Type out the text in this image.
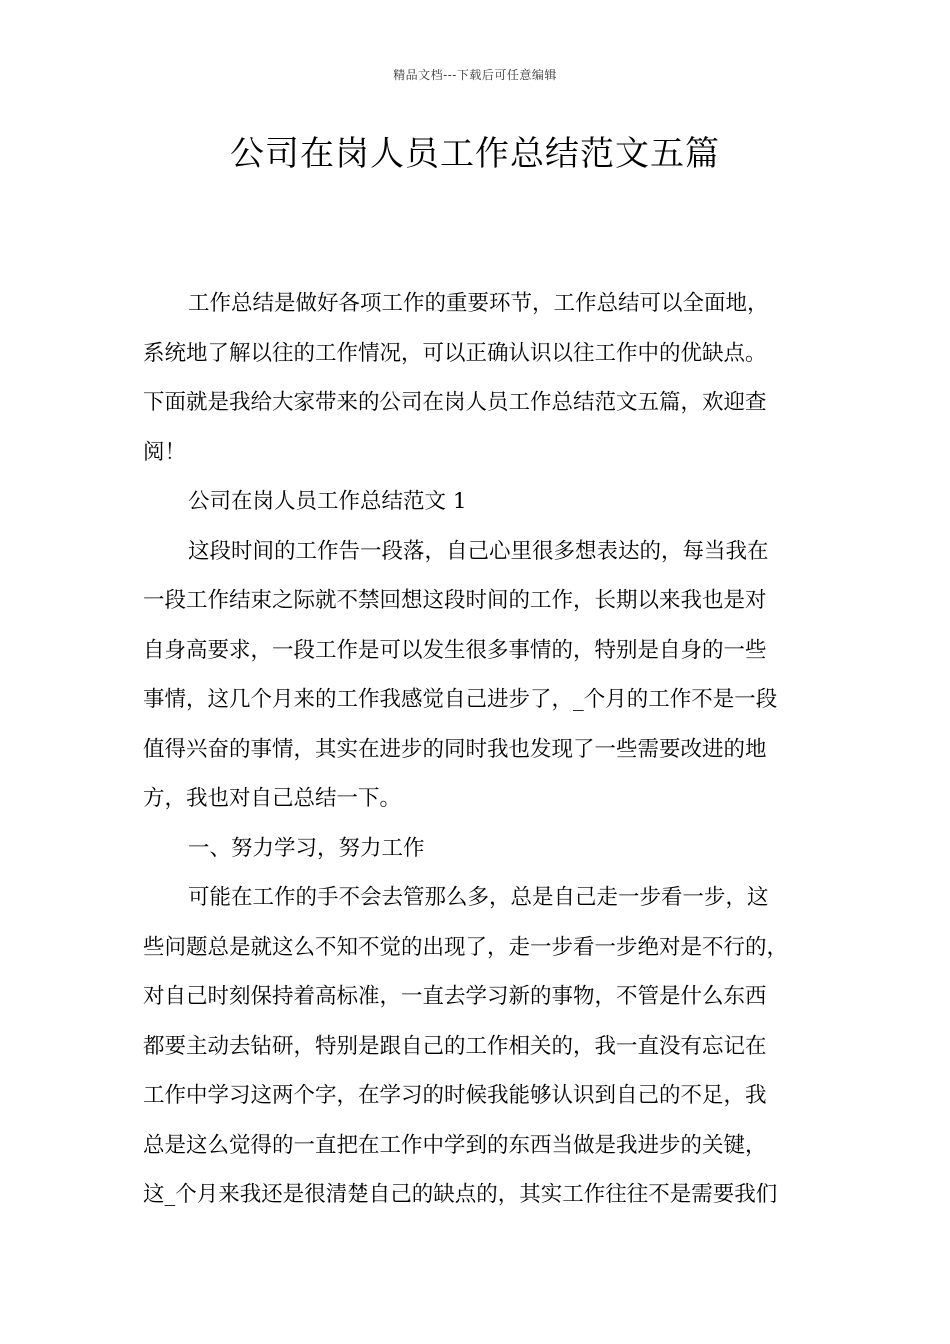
精品文档---下载后可任意编辑
公司在岗人员工作总结范文五篇
工作总结是做好各项工作的重要环节，工作总结可以全面地，
系统地了解以往的工作情况，可以正确认识以往工作中的优缺点。
下面就是我给大家带来的公司在岗人员工作总结范文五篇，欢迎查
阅！
公司在岗人员工作总结范文 1
这段时间的工作告一段落，自己心里很多想表达的，每当我在
一段工作结束之际就不禁回想这段时间的工作，长期以来我也是对
自身高要求，一段工作是可以发生很多事情的，特别是自身的一些
事情，这几个月来的工作我感觉自己进步了，_个月的工作不是一段
值得兴奋的事情，其实在进步的同时我也发现了一些需要改进的地
方，我也对自己总结一下。
一、努力学习，努力工作
可能在工作的手不会去管那么多，总是自己走一步看一步，这
些问题总是就这么不知不觉的出现了，走一步看一步绝对是不行的，
对自己时刻保持着高标准，一直去学习新的事物，不管是什么东西
都要主动去钻研，特别是跟自己的工作相关的，我一直没有忘记在
工作中学习这两个字，在学习的时候我能够认识到自己的不足，我
总是这么觉得的一直把在工作中学到的东西当做是我进步的关键，
这_个月来我还是很清楚自己的缺点的，其实工作往往不是需要我们
